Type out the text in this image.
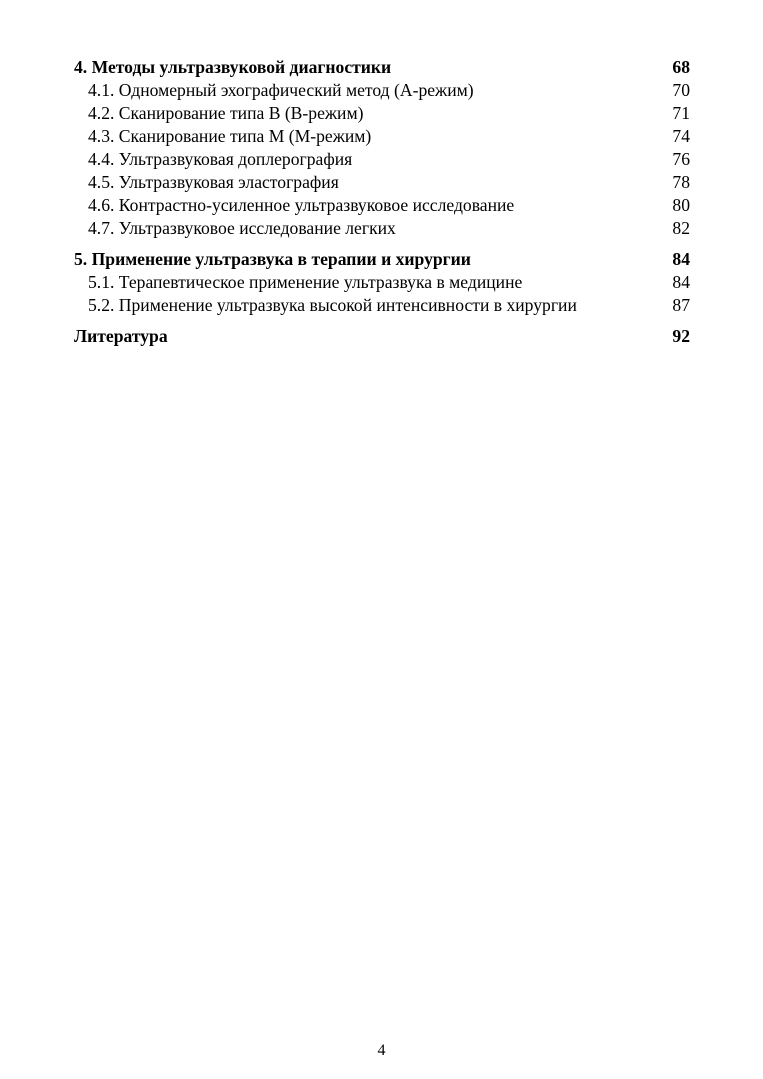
4. Методы ультразвуковой диагностики	68
4.1. Одномерный эхографический метод (А-режим)	70
4.2. Сканирование типа В (В-режим)	71
4.3. Сканирование типа М (М-режим)	74
4.4. Ультразвуковая доплерография	76
4.5. Ультразвуковая эластография	78
4.6. Контрастно-усиленное ультразвуковое исследование	80
4.7. Ультразвуковое исследование легких	82
5. Применение ультразвука в терапии и хирургии	84
5.1. Терапевтическое применение ультразвука в медицине	84
5.2. Применение ультразвука высокой интенсивности в хирургии	87
Литература	92
4
